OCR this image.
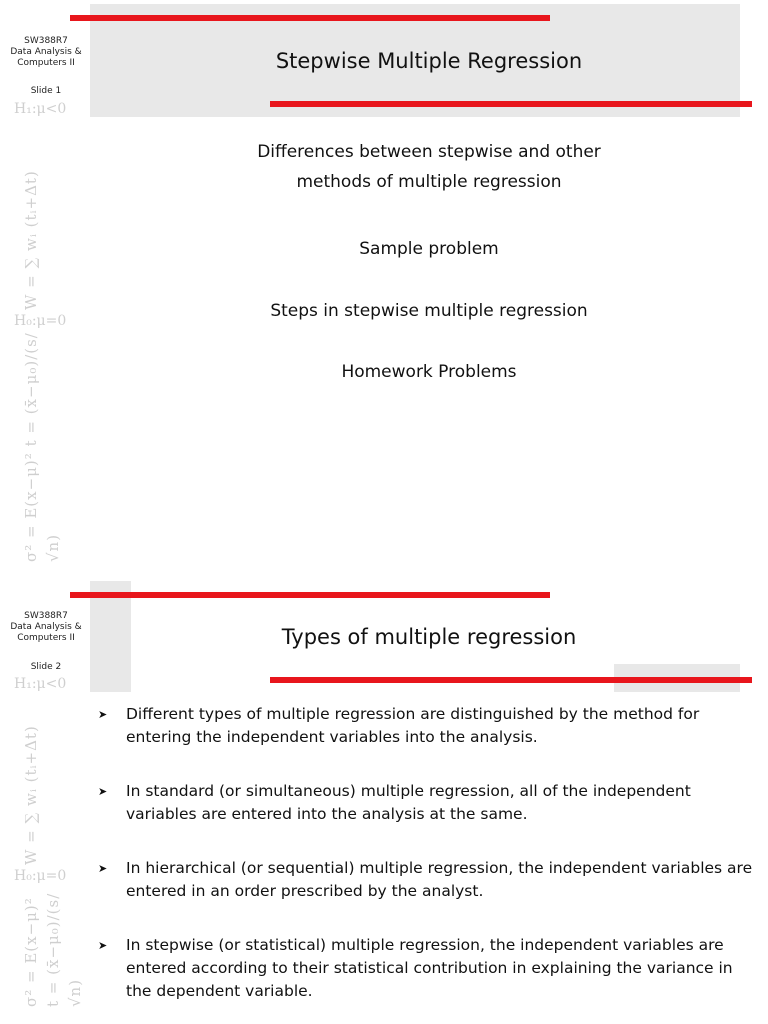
SW388R7
Data Analysis &
Computers II
Slide 1
H₁:μ<0
W = ∑ wᵢ (tᵢ+Δt)
H₀:μ=0
σ² = E(x−μ)² t = (x̄−μ₀)/(s/√n)
Stepwise Multiple Regression
Differences between stepwise and other
methods of multiple regression
Sample problem
Steps in stepwise multiple regression
Homework Problems
SW388R7
Data Analysis &
Computers II
Slide 2
H₁:μ<0
W = ∑ wᵢ (tᵢ+Δt)
H₀:μ=0
σ² = E(x−μ)² t = (x̄−μ₀)/(s/√n)
Types of multiple regression
➤ Different types of multiple regression are distinguished by the method for entering the independent variables into the analysis.
➤ In standard (or simultaneous) multiple regression, all of the independent variables are entered into the analysis at the same.
➤ In hierarchical (or sequential) multiple regression, the independent variables are entered in an order prescribed by the analyst.
➤ In stepwise (or statistical) multiple regression, the independent variables are entered according to their statistical contribution in explaining the variance in the dependent variable.
